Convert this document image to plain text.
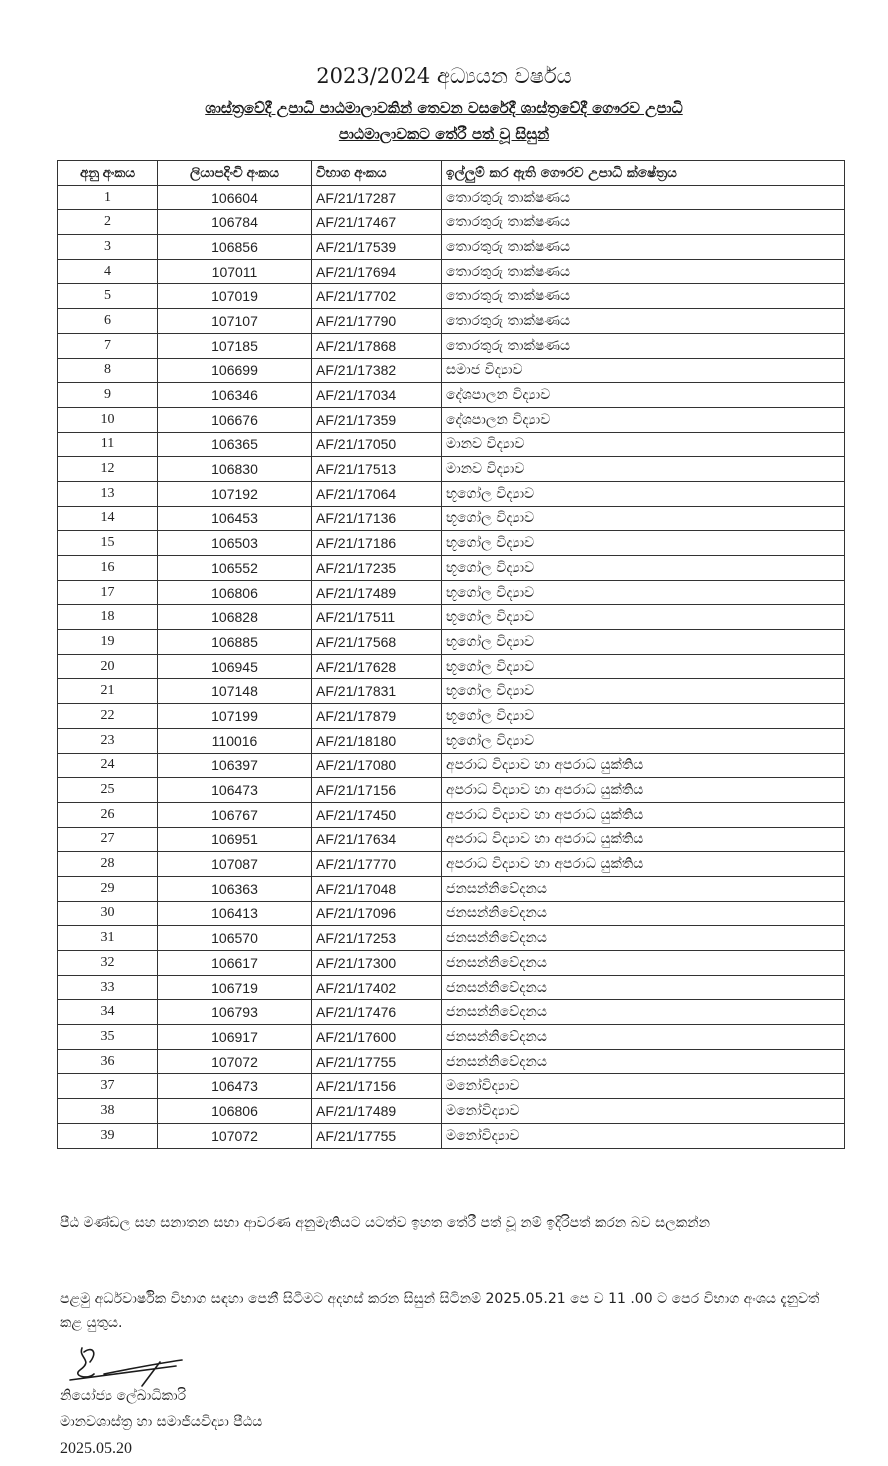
2023/2024 අධ්‍යයන වර්ෂය
ශාස්ත්‍රවේදී උපාධි පාඨමාලාවකින් තෙවන වසරේදී ශාස්ත්‍රවේදී ගෞරව උපාධි
පාඨමාලාවකට තේරී පත් වූ සිසුන්
අනු අංකය	ලියාපදිංචි අංකය	විභාග අංකය	ඉල්ලුම් කර ඇති ගෞරව උපාධි ක්ෂේත්‍රය
1	106604	AF/21/17287	තොරතුරු තාක්ෂණය
2	106784	AF/21/17467	තොරතුරු තාක්ෂණය
3	106856	AF/21/17539	තොරතුරු තාක්ෂණය
4	107011	AF/21/17694	තොරතුරු තාක්ෂණය
5	107019	AF/21/17702	තොරතුරු තාක්ෂණය
6	107107	AF/21/17790	තොරතුරු තාක්ෂණය
7	107185	AF/21/17868	තොරතුරු තාක්ෂණය
8	106699	AF/21/17382	සමාජ විද්‍යාව
9	106346	AF/21/17034	දේශපාලන විද්‍යාව
10	106676	AF/21/17359	දේශපාලන විද්‍යාව
11	106365	AF/21/17050	මානව විද්‍යාව
12	106830	AF/21/17513	මානව විද්‍යාව
13	107192	AF/21/17064	භූගෝල විද්‍යාව
14	106453	AF/21/17136	භූගෝල විද්‍යාව
15	106503	AF/21/17186	භූගෝල විද්‍යාව
16	106552	AF/21/17235	භූගෝල විද්‍යාව
17	106806	AF/21/17489	භූගෝල විද්‍යාව
18	106828	AF/21/17511	භූගෝල විද්‍යාව
19	106885	AF/21/17568	භූගෝල විද්‍යාව
20	106945	AF/21/17628	භූගෝල විද්‍යාව
21	107148	AF/21/17831	භූගෝල විද්‍යාව
22	107199	AF/21/17879	භූගෝල විද්‍යාව
23	110016	AF/21/18180	භූගෝල විද්‍යාව
24	106397	AF/21/17080	අපරාධ විද්‍යාව හා අපරාධ යුක්තිය
25	106473	AF/21/17156	අපරාධ විද්‍යාව හා අපරාධ යුක්තිය
26	106767	AF/21/17450	අපරාධ විද්‍යාව හා අපරාධ යුක්තිය
27	106951	AF/21/17634	අපරාධ විද්‍යාව හා අපරාධ යුක්තිය
28	107087	AF/21/17770	අපරාධ විද්‍යාව හා අපරාධ යුක්තිය
29	106363	AF/21/17048	ජනසන්නිවේදනය
30	106413	AF/21/17096	ජනසන්නිවේදනය
31	106570	AF/21/17253	ජනසන්නිවේදනය
32	106617	AF/21/17300	ජනසන්නිවේදනය
33	106719	AF/21/17402	ජනසන්නිවේදනය
34	106793	AF/21/17476	ජනසන්නිවේදනය
35	106917	AF/21/17600	ජනසන්නිවේදනය
36	107072	AF/21/17755	ජනසන්නිවේදනය
37	106473	AF/21/17156	මනෝවිද්‍යාව
38	106806	AF/21/17489	මනෝවිද්‍යාව
39	107072	AF/21/17755	මනෝවිද්‍යාව
පීඨ මණ්ඩල සහ සනාතන සභා ආවරණ අනුමැතියට යටත්ව ඉහත තේරී පත් වූ නම් ඉදිරිපත් කරන බව සලකන්න
පළමු අර්ධවාර්ෂික විභාග සඳහා පෙනී සිටීමට අදහස් කරන සිසුන් සිටිනම් 2025.05.21 පෙ ව 11 .00 ට පෙර විභාග අංශය දැනුවත් කළ යුතුය.
නියෝජ්‍ය ලේඛාධිකාරි
මානවශාස්ත්‍ර හා සමාජීයවිද්‍යා පීඨය
2025.05.20
